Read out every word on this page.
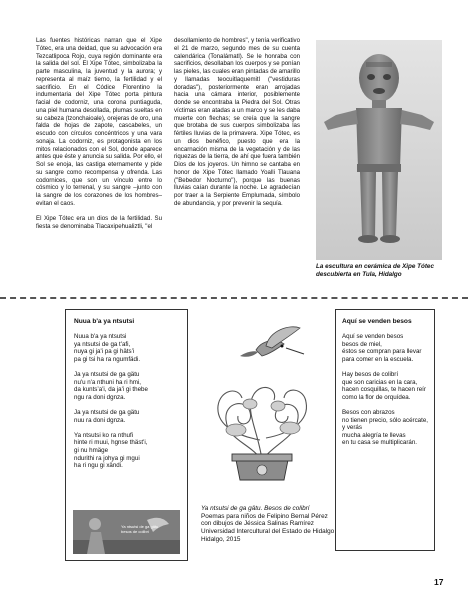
Las fuentes históricas narran que el Xipe Tótec, era una deidad, que su advocación era Tezcatlipoca Rojo, cuya región dominante era la salida del sol. El Xipe Tótec, simbolizaba la parte masculina, la juventud y la aurora; y representa al maíz tierno, la fertilidad y el sacrificio. En el Códice Florentino la indumentaria del Xipe Tótec porta pintura facial de codorniz, una corona puntiaguda, una piel humana desollada, plumas sueltas en su cabeza (tzonchaioale), orejeras de oro, una falda de hojas de zapote, cascabeles, un escudo con círculos concéntricos y una vara sonaja. La codorniz, es protagonista en los mitos relacionados con el Sol, donde aparece antes que éste y anuncia su salida. Por ello, el Sol se enoja, las castiga eternamente y pide su sangre como recompensa y ofrenda. Las codornices, que son un vínculo entre lo cósmico y lo terrenal, y su sangre –junto con la sangre de los corazones de los hombres– evitan el caos.

El Xipe Tótec era un dios de la fertilidad. Su fiesta se denominaba Tlacaxipehualiztli, "el

desollamiento de hombres", y tenía verificativo el 21 de marzo, segundo mes de su cuenta calendárica (Tonalámatl). Se le honraba con sacrificios, desollaban los cuerpos y se ponían las pieles, las cuales eran pintadas de amarillo y llamadas teocuitlaquemitl ("vestiduras doradas"), posteriormente eran arrojadas hacia una cámara interior, posiblemente donde se encontraba la Piedra del Sol. Otras víctimas eran atadas a un marco y se les daba muerte con flechas; se creía que la sangre que brotaba de sus cuerpos simbolizaba las fértiles lluvias de la primavera. Xipe Tótec, es un dios benéfico, puesto que era la encarnación misma de la vegetación y de las riquezas de la tierra, de ahí que fuera también Dios de los joyeros. Un himno se cantaba en honor de Xipe Tótec llamado Yoalli Tlauana ("Bebedor Nocturno"), porque las buenas lluvias caían durante la noche. Le agradecían por traer a la Serpiente Emplumada, símbolo de abundancia, y por prevenir la sequía.

La escultura en cerámica de Xipe Tótec descubierta en Tula, Hidalgo
Nuua b'a ya ntsutsi
Nuua b'a ya ntsutsi
ya ntsutsi de ga t'afi,
nuya gi ja'i pa gi hätsʼi
pa gi tsi ha ra ngumfädi.
Ja ya ntsutsi de ga gätu
nu'u n'a nthuni ha ri hmi,
da kuntsʼa'i, da ja'i gi thebe
ngu ra doni dgnza.
Ja ya ntsutsi de ga gätu
nuu ra doni dgnza.
Ya ntsutsi ko ra nthufi
hinte ri muui, hgnse thäst'i,
gi nu hmäge
ndurithi ra johya gi mgui
ha ri ngu gi xändi.
Ya ntsutsi de ga gätu
besos de colibrí
Aquí se venden besos
Aquí se venden besos
besos de miel,
éstos se compran para llevar
para comer en la escuela.
Hay besos de colibrí
que son caricias en la cara,
hacen cosquillas, te hacen reír
como la flor de orquídea.
Besos con abrazos
no tienen precio, sólo acércate,
y verás
mucha alegría te llevas
en tu casa se multiplicarán.
Ya ntsutsi de ga gätu. Besos de colibrí
Poemas para niños de Felipino Bernal Pérez
con dibujos de Jéssica Salinas Ramírez
Universidad Intercultural del Estado de Hidalgo
Hidalgo, 2015
17
